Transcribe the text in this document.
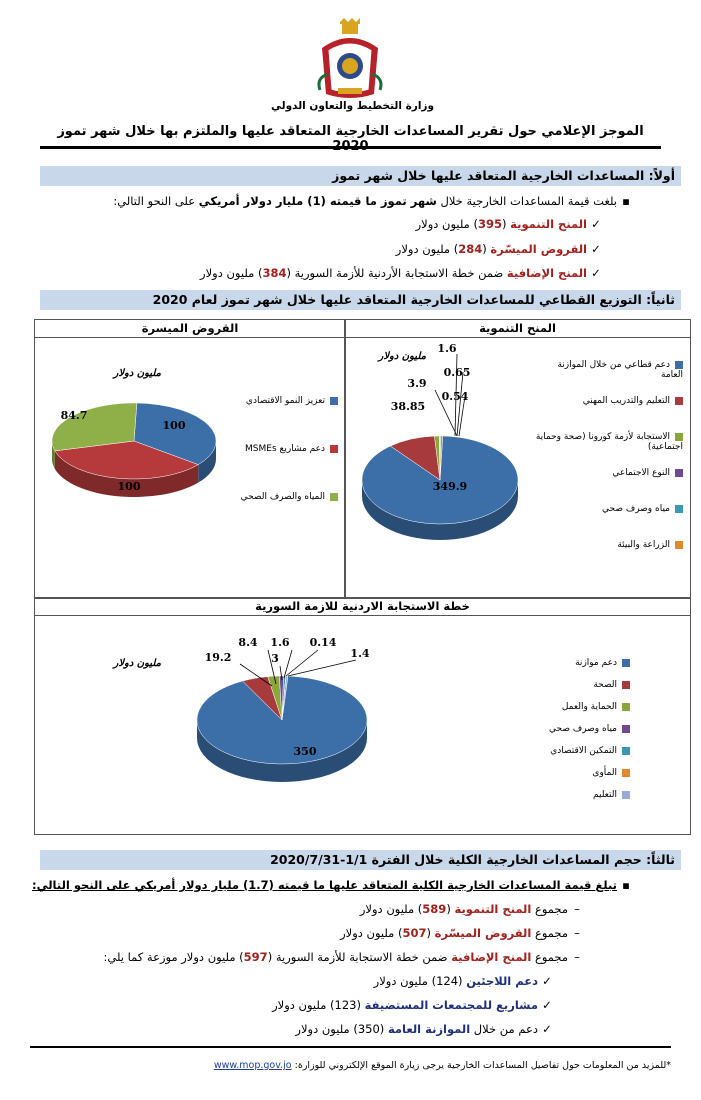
وزارة التخطيط والتعاون الدولي
الموجز الإعلامي حول تقرير المساعدات الخارجية المتعاقد عليها والملتزم بها خلال شهر تموز
أولاً: المساعدات الخارجية المتعاقد عليها خلال شهر تموز
▪بلغت قيمة المساعدات الخارجية خلال شهر تموز ما قيمته (1) مليار دولار أمريكي على النحو التالي:
✓المنح التنموية (395) مليون دولار
✓القروض الميسّرة (284) مليون دولار
✓المنح الإضافية ضمن خطة الاستجابة الأردنية للأزمة السورية (384) مليون دولار
ثانياً: التوزيع القطاعي للمساعدات الخارجية المتعاقد عليها خلال شهر تموز لعام 2020
المنح التنموية
القروض الميسرة
خطة الاستجابة الاردنية للازمة السورية
مليون دولار
مليون دولار
مليون دولار
دعم قطاعي من خلال الموازنة العامة
التعليم والتدريب المهني
الاستجابة لأزمة كورونا (صحة وحماية اجتماعية)
النوع الاجتماعي
مياه وصرف صحي
الزراعة والبيئة
تعزيز النمو الاقتصادي
دعم مشاريع MSMEs
المياه والصرف الصحي
دعم موازنة
الصحة
الحماية والعمل
مياه وصرف صحي
التمكين الاقتصادي
المأوى
التعليم
349.9
38.85
3.9
0.54
0.65
1.6
100
100
84.7
350
19.2
8.4
3
1.6 0.14
1.4
ثالثاً: حجم المساعدات الخارجية الكلية خلال الفترة 1/1-2020/7/31
▪تبلغ قيمة المساعدات الخارجية الكلية المتعاقد عليها ما قيمته (1.7) مليار دولار أمريكي على النحو التالي:
–مجموع المنح التنموية (589) مليون دولار
–مجموع القروض الميسّرة (507) مليون دولار
–مجموع المنح الإضافية ضمن خطة الاستجابة للأزمة السورية (597) مليون دولار موزعة كما يلي:
✓دعم اللاجئين (124) مليون دولار
✓مشاريع للمجتمعات المستضيفة (123) مليون دولار
✓دعم من خلال الموازنة العامة (350) مليون دولار
*للمزيد من المعلومات حول تفاصيل المساعدات الخارجية يرجى زيارة الموقع الإلكتروني للوزارة: www.mop.gov.jo
